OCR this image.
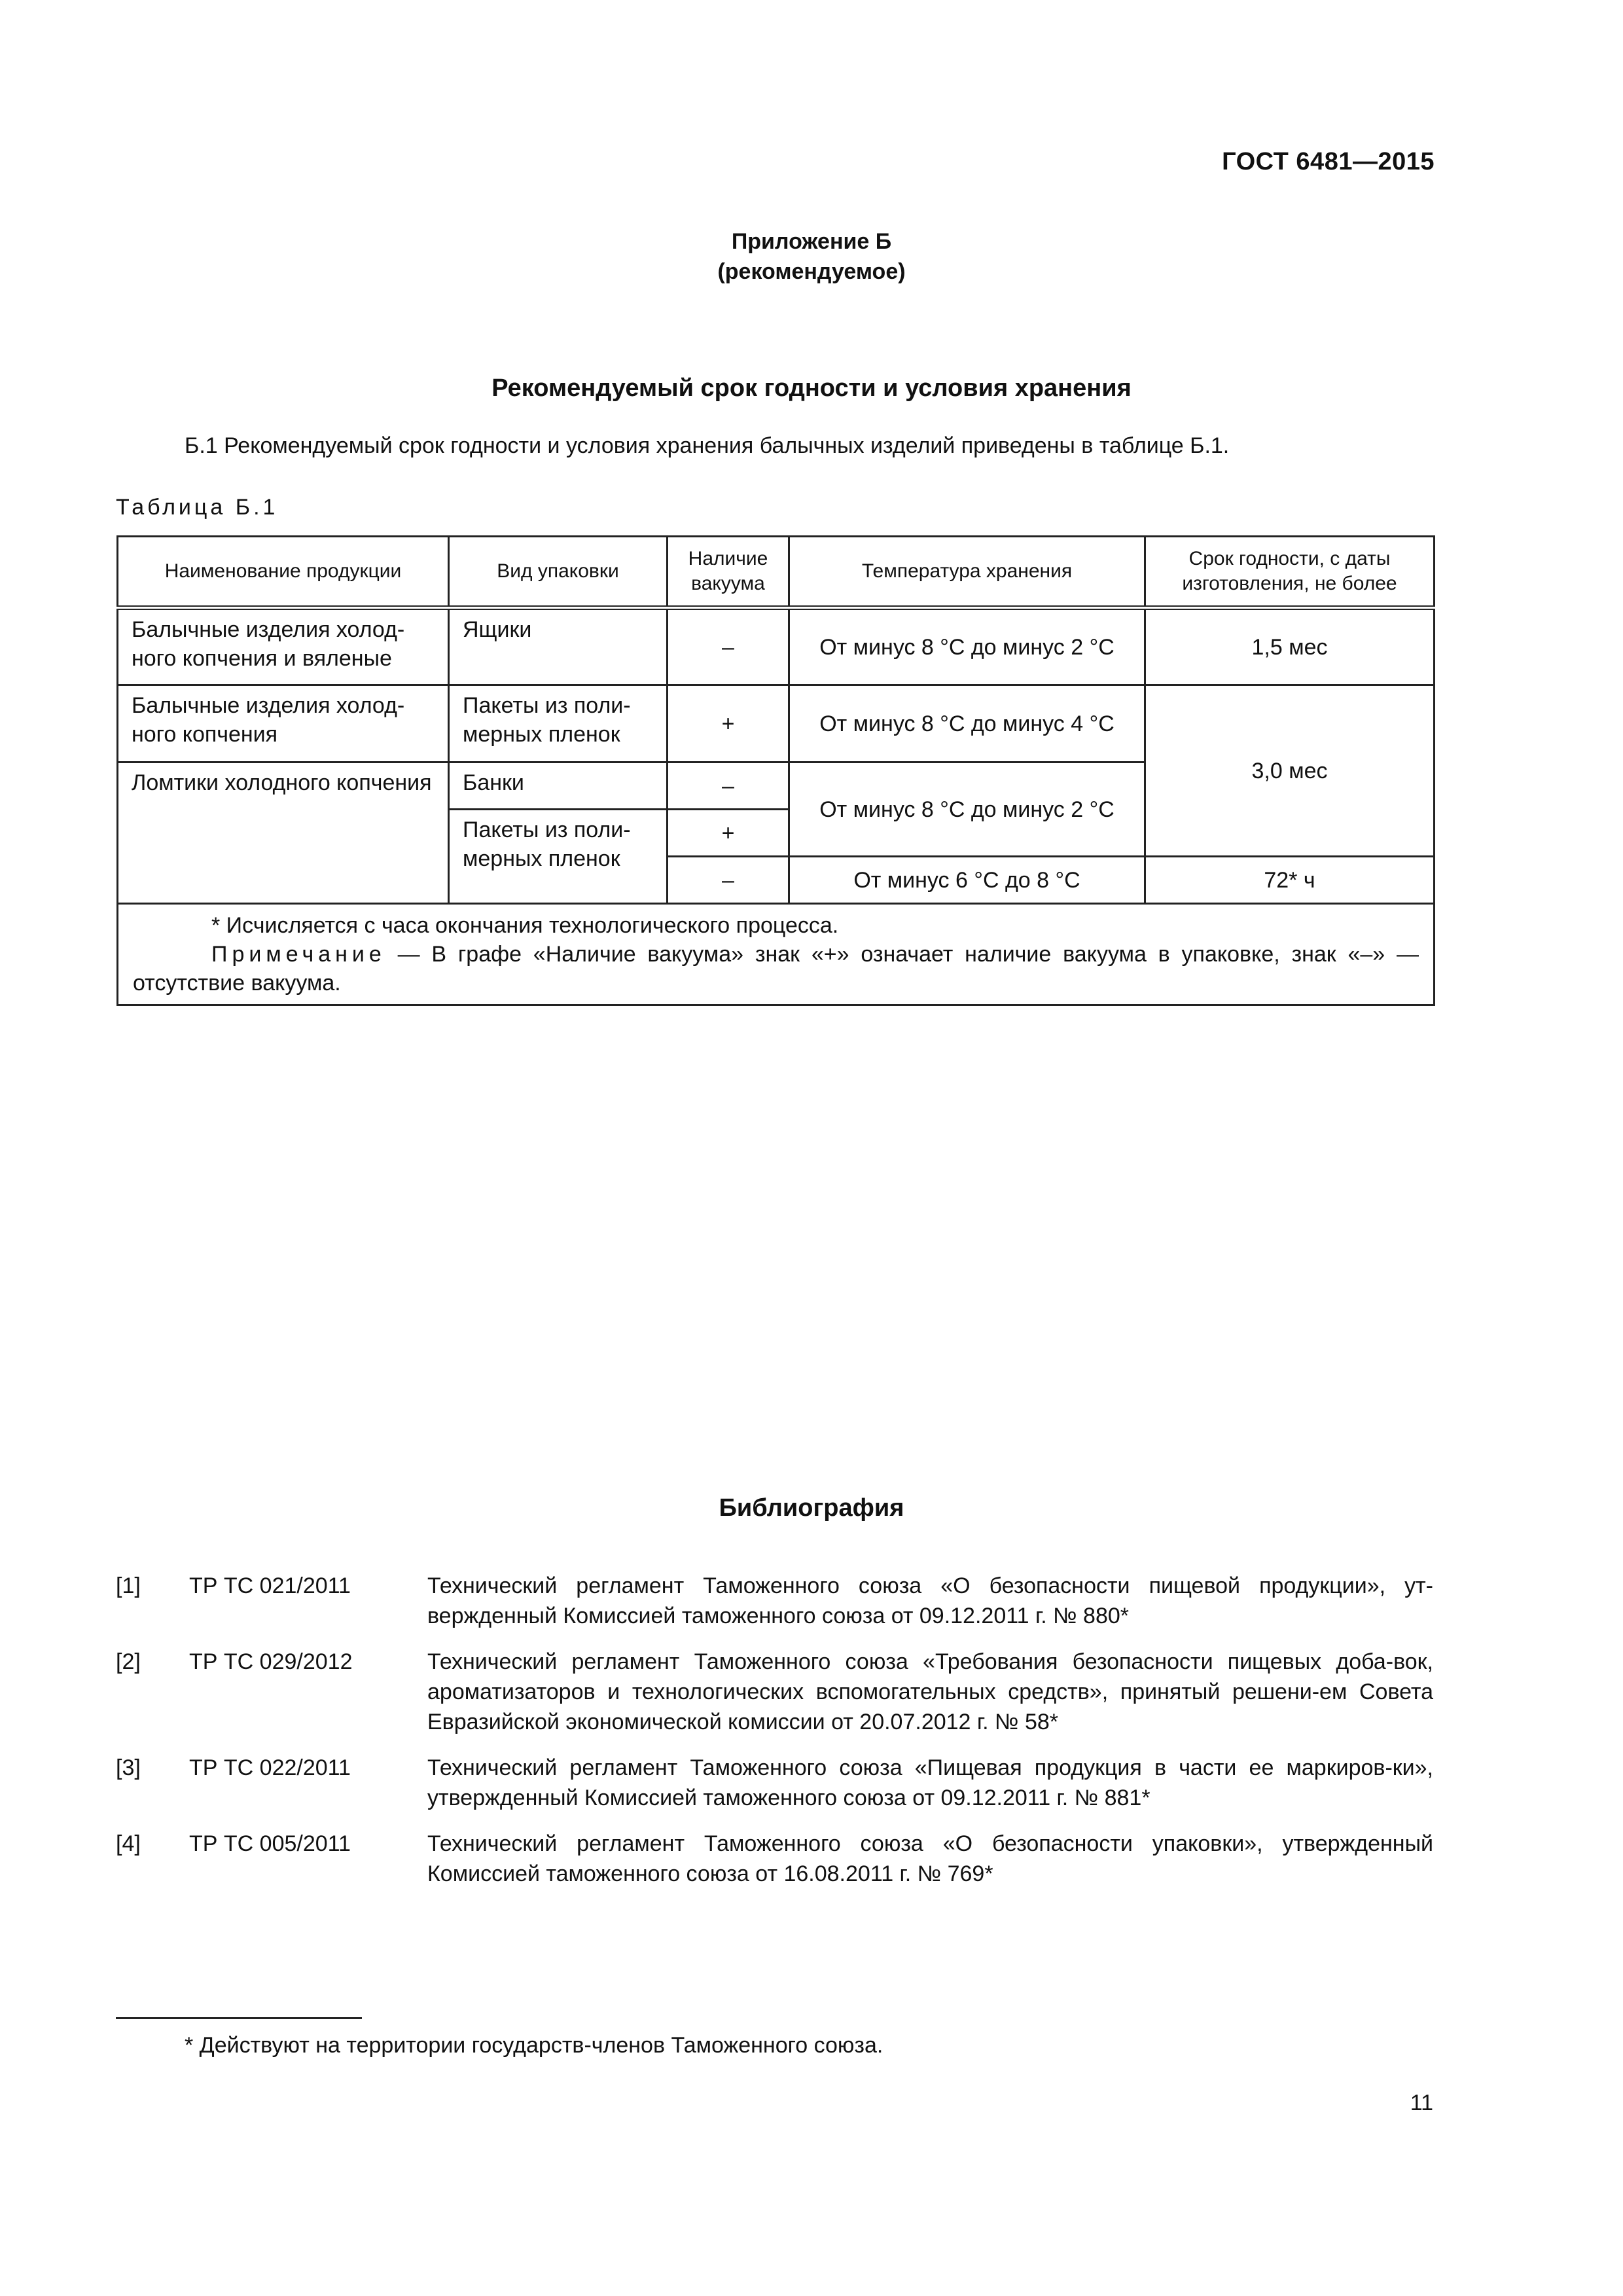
ГОСТ 6481—2015
Приложение Б
(рекомендуемое)
Рекомендуемый срок годности и условия хранения
Б.1 Рекомендуемый срок годности и условия хранения балычных изделий приведены в таблице Б.1.
Таблица Б.1
Наименование продукции	Вид упаковки	Наличие вакуума	Температура хранения	Срок годности, с даты изготовления, не более
Балычные изделия холод-ного копчения и вяленые	Ящики	–	От минус 8 °С до минус 2 °С	1,5 мес
Балычные изделия холод-ного копчения	Пакеты из поли-мерных пленок	+	От минус 8 °С до минус 4 °С	3,0 мес
Ломтики холодного копчения	Банки	–	От минус 8 °С до минус 2 °С	
	Пакеты из поли-мерных пленок	+		
		–	От минус 6 °С до 8 °С	72* ч

* Исчисляется с часа окончания технологического процесса.

Примечание — В графе «Наличие вакуума» знак «+» означает наличие вакуума в упаковке, знак «–» — отсутствие вакуума.				

Библиография
[1]	ТР ТС 021/2011	Технический регламент Таможенного союза «О безопасности пищевой продукции», ут-вержденный Комиссией таможенного союза от 09.12.2011 г. № 880*
[2]	ТР ТС 029/2012	Технический регламент Таможенного союза «Требования безопасности пищевых доба-вок, ароматизаторов и технологических вспомогательных средств», принятый решени-ем Совета Евразийской экономической комиссии от 20.07.2012 г. № 58*
[3]	ТР ТС 022/2011	Технический регламент Таможенного союза «Пищевая продукция в части ее маркиров-ки», утвержденный Комиссией таможенного союза от 09.12.2011 г. № 881*
[4]	ТР ТС 005/2011	Технический регламент Таможенного союза «О безопасности упаковки», утвержденный Комиссией таможенного союза от 16.08.2011 г. № 769*
* Действуют на территории государств-членов Таможенного союза.
11
